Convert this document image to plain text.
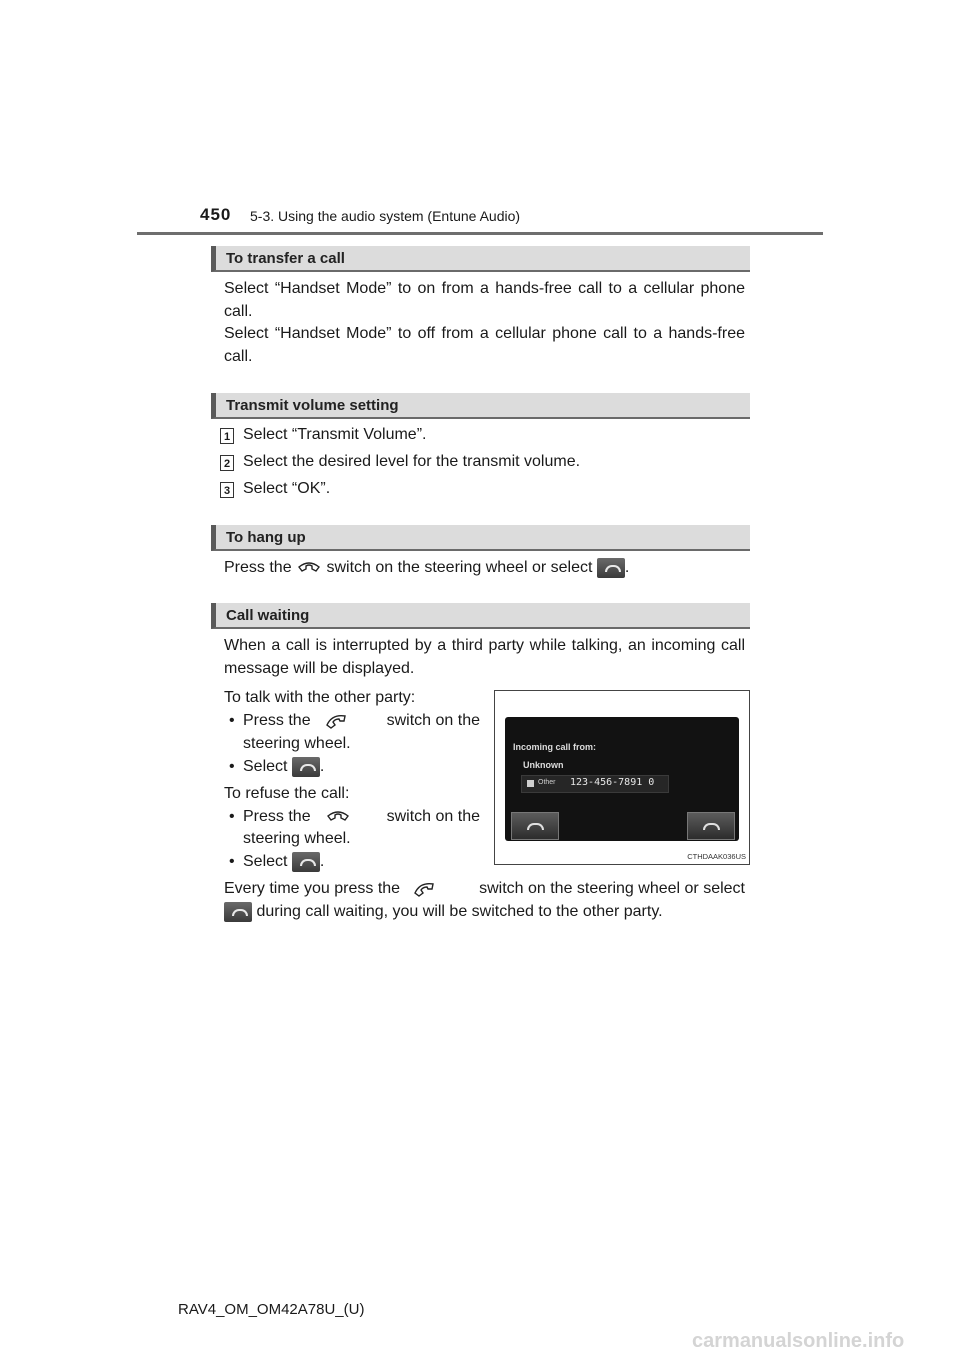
450 5-3. Using the audio system (Entune Audio)
To transfer a call
Select “Handset Mode” to on from a hands-free call to a cellular phone call.
Select “Handset Mode” to off from a cellular phone call to a hands-free call.
Transmit volume setting
1 Select “Transmit Volume”.
2 Select the desired level for the transmit volume.
3 Select “OK”.
To hang up
Press the switch on the steering wheel or select .
Call waiting
When a call is interrupted by a third party while talking, an incoming call message will be displayed.
To talk with the other party:
• Press the	switch on the
steering wheel.
• Select .
To refuse the call:
• Press the	switch on the
steering wheel.
• Select .
Every time you press the	switch on the steering wheel or select
during call waiting, you will be switched to the other party.
Incoming call from:
Unknown
Other 123-456-7891 0
CTHDAAK036US
RAV4_OM_OM42A78U_(U)
carmanualsonline.info
